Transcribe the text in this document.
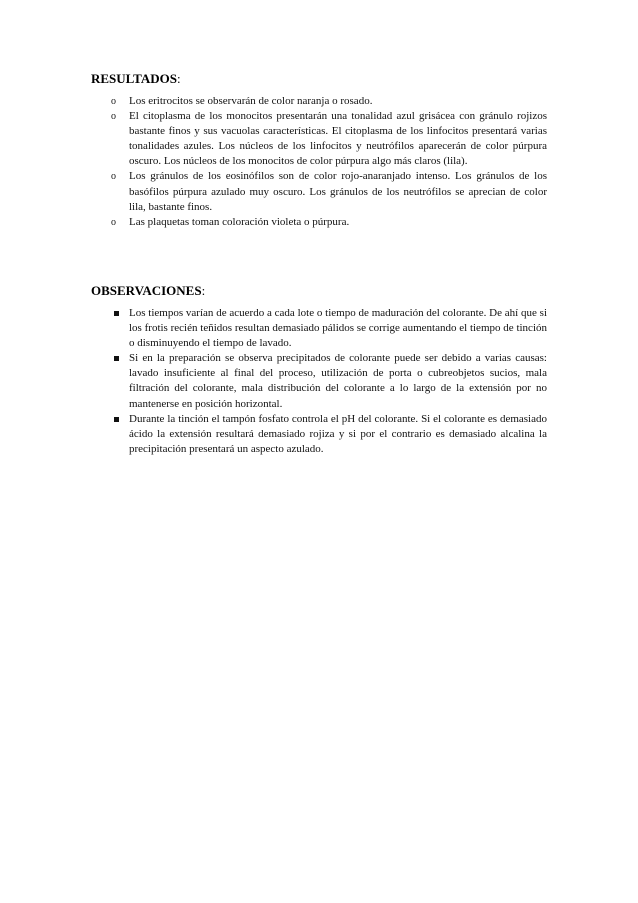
RESULTADOS:

o	Los eritrocitos se observarán de color naranja o rosado.
o	El citoplasma de los monocitos presentarán una tonalidad azul grisácea con gránulo rojizos bastante finos y sus vacuolas características. El citoplasma de los linfocitos presentará varias tonalidades azules. Los núcleos de los linfocitos y neutrófilos aparecerán de color púrpura oscuro. Los núcleos de los monocitos de color púrpura algo más claros (lila).
o	Los gránulos de los eosinófilos son de color rojo-anaranjado intenso. Los gránulos de los basófilos púrpura azulado muy oscuro. Los gránulos de los neutrófilos se aprecian de color lila, bastante finos.
o	Las plaquetas toman coloración violeta o púrpura.

OBSERVACIONES:

Los tiempos varían de acuerdo a cada lote o tiempo de maduración del colorante. De ahí que si los frotis recién teñidos resultan demasiado pálidos se corrige aumentando el tiempo de tinción o disminuyendo el tiempo de lavado.
Si en la preparación se observa precipitados de colorante puede ser debido a varias causas: lavado insuficiente al final del proceso, utilización de porta o cubreobjetos sucios, mala filtración del colorante, mala distribución del colorante a lo largo de la extensión por no mantenerse en posición horizontal.
Durante la tinción el tampón fosfato controla el pH del colorante. Si el colorante es demasiado ácido la extensión resultará demasiado rojiza y si por el contrario es demasiado alcalina la precipitación presentará un aspecto azulado.
